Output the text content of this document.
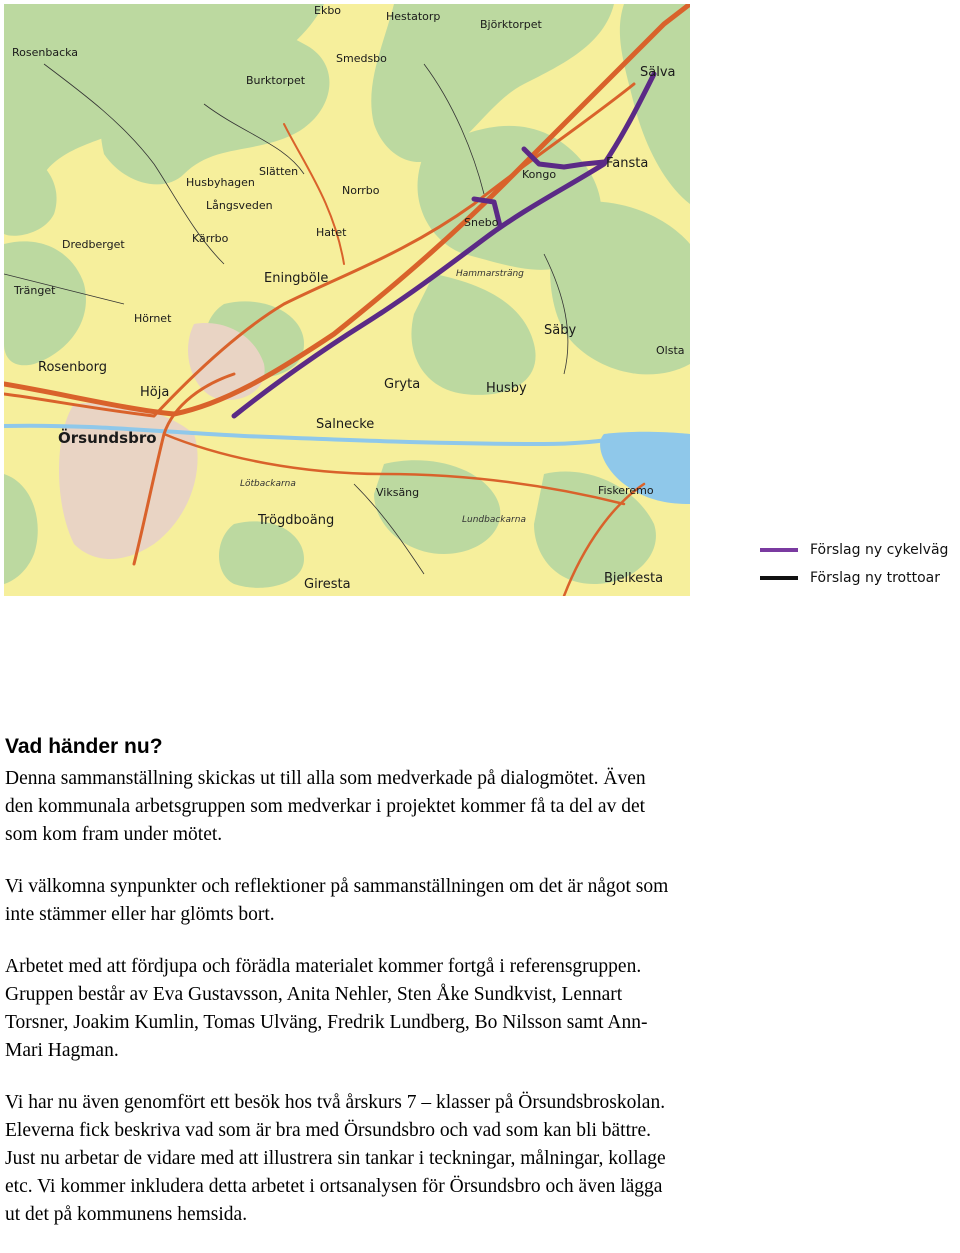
Rosenbacka
Ekbo	Hestatorp
Björktorpet
Smedsbo
Burktorpet
Sälva
Slätten
Husbyhagen
Norrbo
Kongo
Fansta
Långsveden
Snebo
Hatet
Kärrbo
Dredberget
Hammarsträng
Eningböle
Tränget
Hörnet
Säby
Olsta
Rosenborg
Höja
Gryta	Husby
Örsundsbro
Salnecke
Lötbackarna
Viksäng	Fiskeremo
Trögdboäng	Lundbackarna
Giresta	Bjelkesta
Förslag ny cykelväg
Förslag ny trottoar
Vad händer nu?

Denna sammanställning skickas ut till alla som medverkade på dialogmötet. Även
den kommunala arbetsgruppen som medverkar i projektet kommer få ta del av det
som kom fram under mötet.

Vi välkomna synpunkter och reflektioner på sammanställningen om det är något som
inte stämmer eller har glömts bort.

Arbetet med att fördjupa och förädla materialet kommer fortgå i referensgruppen.
Gruppen består av Eva Gustavsson, Anita Nehler, Sten Åke Sundkvist, Lennart
Torsner, Joakim Kumlin, Tomas Ulväng, Fredrik Lundberg, Bo Nilsson samt Ann-
Mari Hagman.

Vi har nu även genomfört ett besök hos två årskurs 7 – klasser på Örsundsbroskolan.
Eleverna fick beskriva vad som är bra med Örsundsbro och vad som kan bli bättre.
Just nu arbetar de vidare med att illustrera sin tankar i teckningar, målningar, kollage
etc. Vi kommer inkludera detta arbetet i ortsanalysen för Örsundsbro och även lägga
ut det på kommunens hemsida.
